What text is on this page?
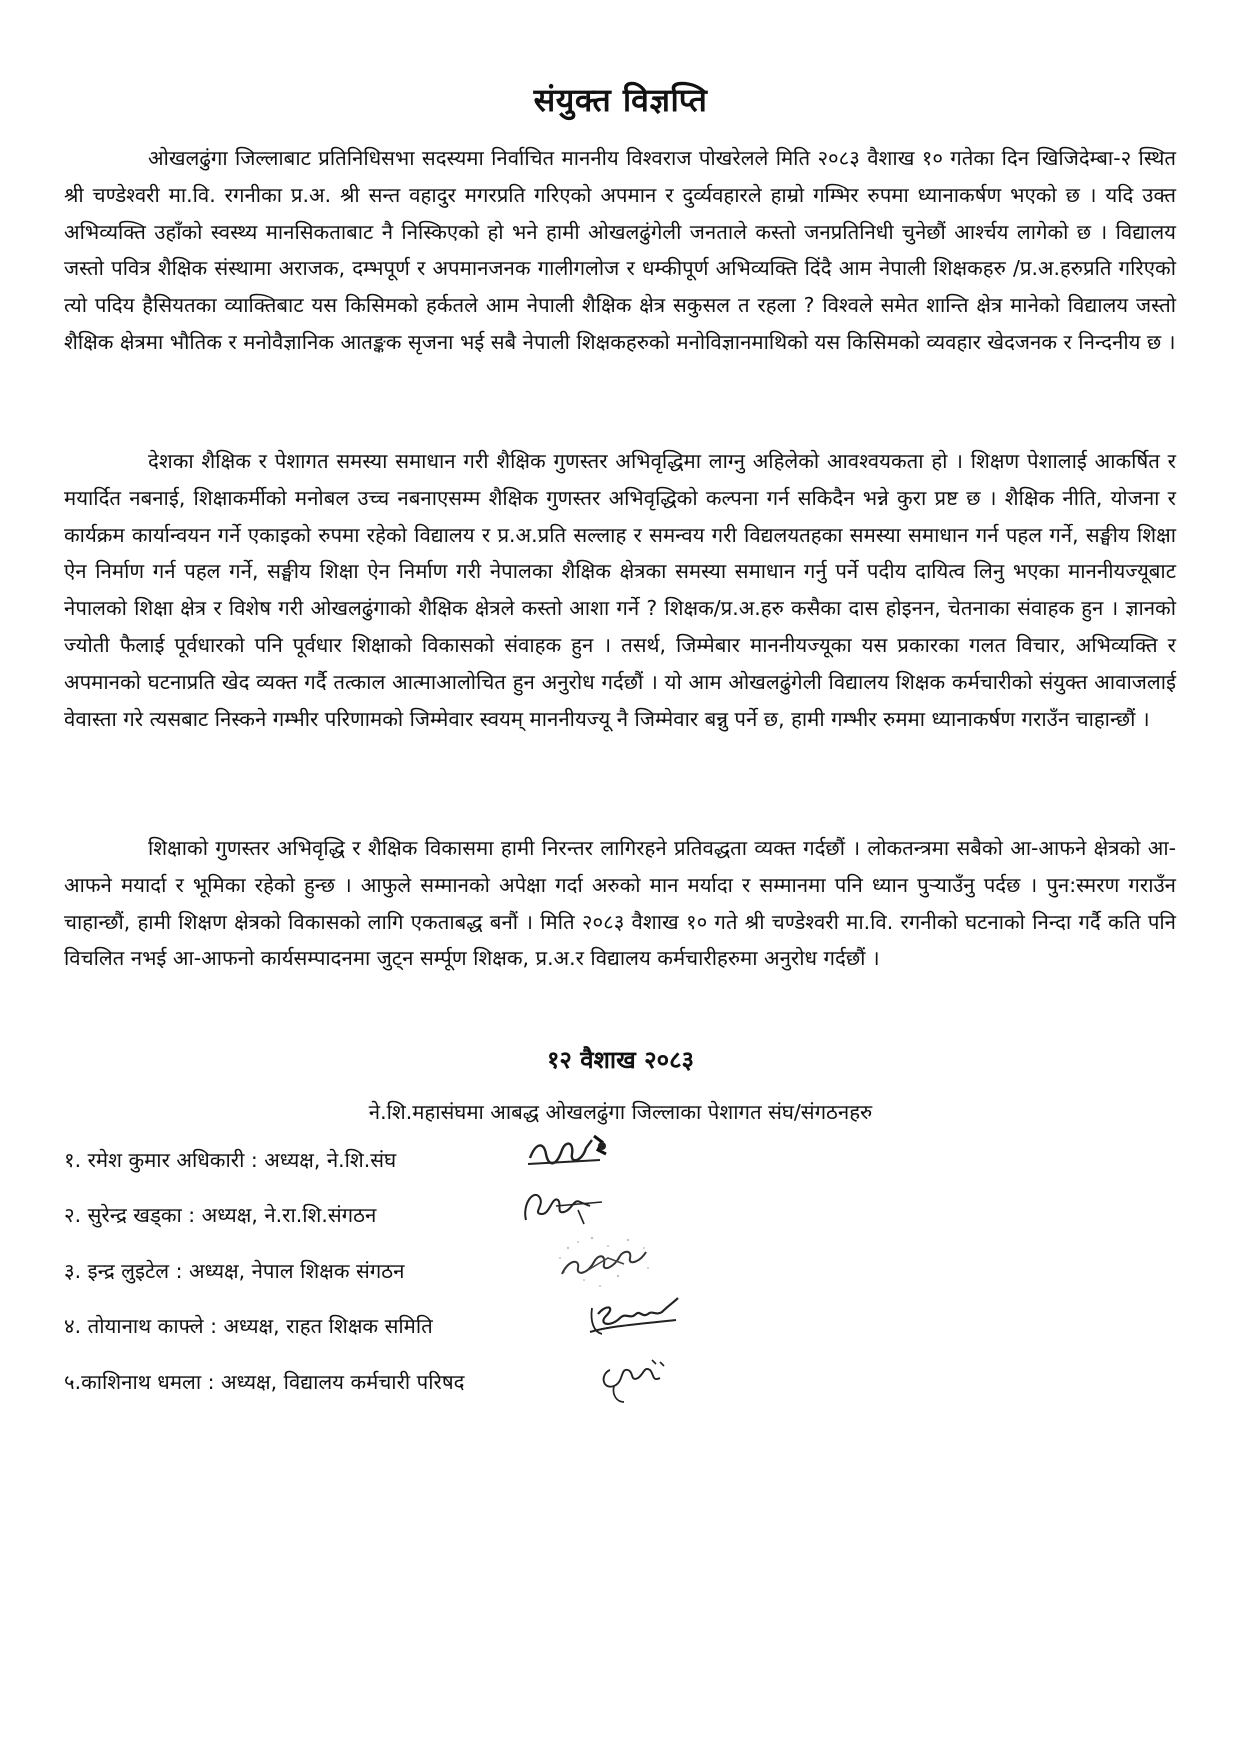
संयुक्त विज्ञप्ति

ओखलढुंगा जिल्लाबाट प्रतिनिधिसभा सदस्यमा निर्वाचित माननीय विश्वराज पोखरेलले मिति २०८३ वैशाख १० गतेका दिन खिजिदेम्बा-२ स्थित श्री चण्डेश्वरी मा.वि. रगनीका प्र.अ. श्री सन्त वहादुर मगरप्रति गरिएको अपमान र दुर्व्यवहारले हाम्रो गम्भिर रुपमा ध्यानाकर्षण भएको छ । यदि उक्त अभिव्यक्ति उहाँको स्वस्थ्य मानसिकताबाट नै निस्किएको हो भने हामी ओखलढुंगेली जनताले कस्तो जनप्रतिनिधी चुनेछौं आर्श्चय लागेको छ । विद्यालय जस्तो पवित्र शैक्षिक संस्थामा अराजक, दम्भपूर्ण र अपमानजनक गालीगलोज र धम्कीपूर्ण अभिव्यक्ति दिंदै आम नेपाली शिक्षकहरु /प्र.अ.हरुप्रति गरिएको त्यो पदिय हैसियतका व्याक्तिबाट यस किसिमको हर्कतले आम नेपाली शैक्षिक क्षेत्र सकुसल त रहला ? विश्वले समेत शान्ति क्षेत्र मानेको विद्यालय जस्तो शैक्षिक क्षेत्रमा भौतिक र मनोवैज्ञानिक आतङ्कक सृजना भई सबै नेपाली शिक्षकहरुको मनोविज्ञानमाथिको यस किसिमको व्यवहार खेदजनक र निन्दनीय छ ।

देशका शैक्षिक र पेशागत समस्या समाधान गरी शैक्षिक गुणस्तर अभिवृद्धिमा लाग्नु अहिलेको आवश्वयकता हो । शिक्षण पेशालाई आकर्षित र मयार्दित नबनाई, शिक्षाकर्मीको मनोबल उच्च नबनाएसम्म शैक्षिक गुणस्तर अभिवृद्धिको कल्पना गर्न सकिदैन भन्ने कुरा प्रष्ट छ । शैक्षिक नीति, योजना र कार्यक्रम कार्यान्वयन गर्ने एकाइको रुपमा रहेको विद्यालय र प्र.अ.प्रति सल्लाह र समन्वय गरी विद्यलयतहका समस्या समाधान गर्न पहल गर्ने, सङ्घीय शिक्षा ऐन निर्माण गर्न पहल गर्ने, सङ्घीय शिक्षा ऐन निर्माण गरी नेपालका शैक्षिक क्षेत्रका समस्या समाधान गर्नु पर्ने पदीय दायित्व लिनु भएका माननीयज्यूबाट नेपालको शिक्षा क्षेत्र र विशेष गरी ओखलढुंगाको शैक्षिक क्षेत्रले कस्तो आशा गर्ने ? शिक्षक/प्र.अ.हरु कसैका दास होइनन, चेतनाका संवाहक हुन । ज्ञानको ज्योती फैलाई पूर्वधारको पनि पूर्वधार शिक्षाको विकासको संवाहक हुन । तसर्थ, जिम्मेबार माननीयज्यूका यस प्रकारका गलत विचार, अभिव्यक्ति र अपमानको घटनाप्रति खेद व्यक्त गर्दै तत्काल आत्माआलोचित हुन अनुरोध गर्दछौं । यो आम ओखलढुंगेली विद्यालय शिक्षक कर्मचारीको संयुक्त आवाजलाई वेवास्ता गरे त्यसबाट निस्कने गम्भीर परिणामको जिम्मेवार स्वयम् माननीयज्यू नै जिम्मेवार बन्नु पर्ने छ, हामी गम्भीर रुममा ध्यानाकर्षण गराउँन चाहान्छौं ।

शिक्षाको गुणस्तर अभिवृद्धि र शैक्षिक विकासमा हामी निरन्तर लागिरहने प्रतिवद्धता व्यक्त गर्दछौं । लोकतन्त्रमा सबैको आ-आफने क्षेत्रको आ-आफने मयार्दा र भूमिका रहेको हुन्छ । आफुले सम्मानको अपेक्षा गर्दा अरुको मान मर्यादा र सम्मानमा पनि ध्यान पुऱ्याउँनु पर्दछ । पुन:स्मरण गराउँन चाहान्छौं, हामी शिक्षण क्षेत्रको विकासको लागि एकताबद्ध बनौं । मिति २०८३ वैशाख १० गते श्री चण्डेश्वरी मा.वि. रगनीको घटनाको निन्दा गर्दै कति पनि विचलित नभई आ-आफनो कार्यसम्पादनमा जुट्न सर्म्पूण शिक्षक, प्र.अ.र विद्यालय कर्मचारीहरुमा अनुरोध गर्दछौं ।

१२ वैशाख २०८३
ने.शि.महासंघमा आबद्ध ओखलढुंगा जिल्लाका पेशागत संघ/संगठनहरु
१. रमेश कुमार अधिकारी : अध्यक्ष, ने.शि.संघ
२. सुरेन्द्र खड्का : अध्यक्ष, ने.रा.शि.संगठन
३. इन्द्र लुइटेल : अध्यक्ष, नेपाल शिक्षक संगठन
४. तोयानाथ काफ्ले : अध्यक्ष, राहत शिक्षक समिति
५.काशिनाथ धमला : अध्यक्ष, विद्यालय कर्मचारी परिषद
